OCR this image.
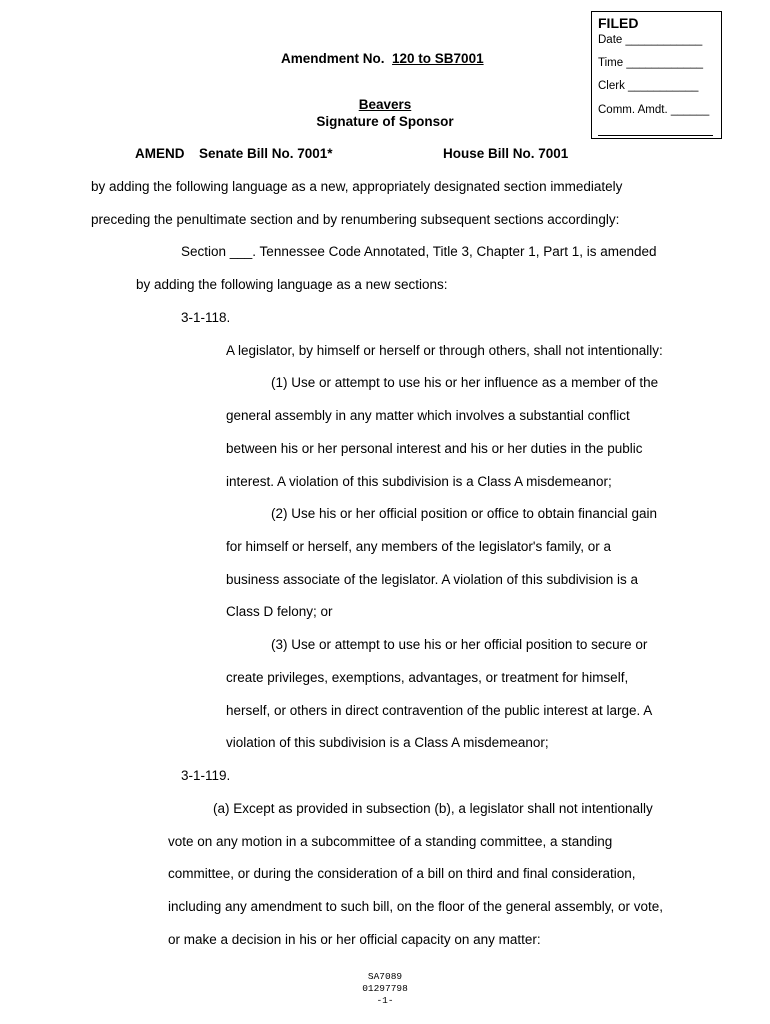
FILED
Date ____________
Time ____________
Clerk ___________
Comm. Amdt. ______
Amendment No. 120 to SB7001
Beavers
Signature of Sponsor
AMEND Senate Bill No. 7001*	House Bill No. 7001
by adding the following language as a new, appropriately designated section immediately
preceding the penultimate section and by renumbering subsequent sections accordingly:
Section ___. Tennessee Code Annotated, Title 3, Chapter 1, Part 1, is amended
by adding the following language as a new sections:
3-1-118.
A legislator, by himself or herself or through others, shall not intentionally:
(1) Use or attempt to use his or her influence as a member of the
general assembly in any matter which involves a substantial conflict
between his or her personal interest and his or her duties in the public
interest. A violation of this subdivision is a Class A misdemeanor;
(2) Use his or her official position or office to obtain financial gain
for himself or herself, any members of the legislator's family, or a
business associate of the legislator. A violation of this subdivision is a
Class D felony; or
(3) Use or attempt to use his or her official position to secure or
create privileges, exemptions, advantages, or treatment for himself,
herself, or others in direct contravention of the public interest at large. A
violation of this subdivision is a Class A misdemeanor;
3-1-119.
(a) Except as provided in subsection (b), a legislator shall not intentionally
vote on any motion in a subcommittee of a standing committee, a standing
committee, or during the consideration of a bill on third and final consideration,
including any amendment to such bill, on the floor of the general assembly, or vote,
or make a decision in his or her official capacity on any matter:
SA7089
01297798
-1-
